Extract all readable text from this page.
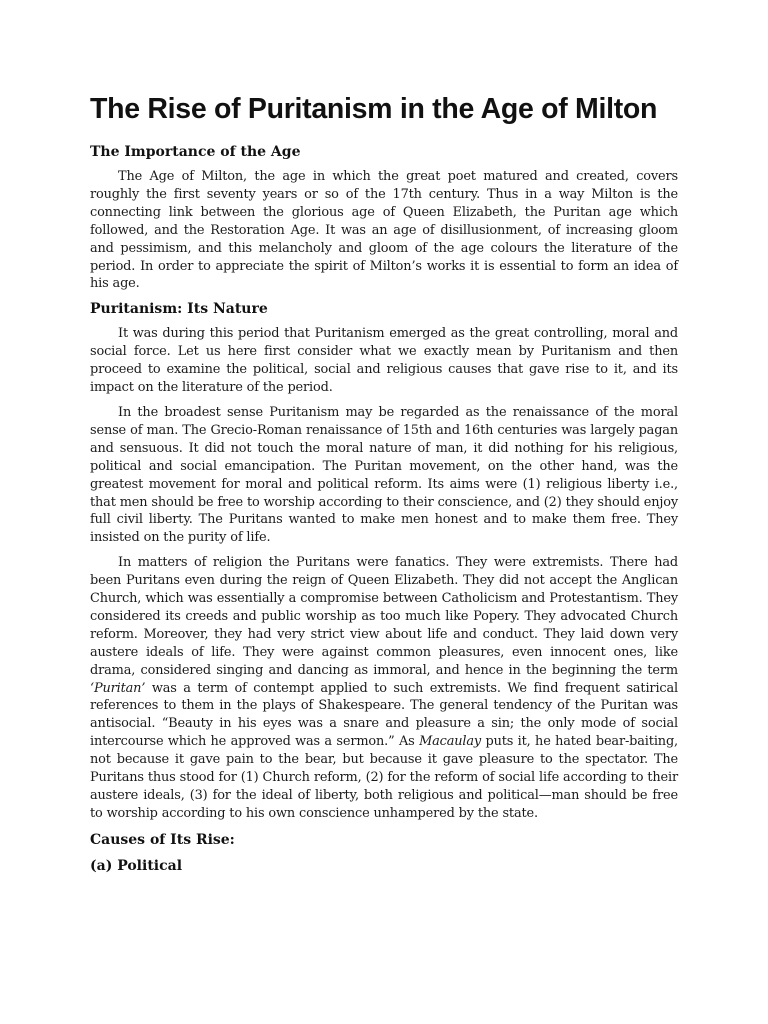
The Rise of Puritanism in the Age of Milton
The Importance of the Age

The Age of Milton, the age in which the great poet matured and created, covers roughly the first seventy years or so of the 17th century. Thus in a way Milton is the connecting link between the glorious age of Queen Elizabeth, the Puritan age which followed, and the Restoration Age. It was an age of disillusionment, of increasing gloom and pessimism, and this melancholy and gloom of the age colours the literature of the period. In order to appreciate the spirit of Milton’s works it is essential to form an idea of his age.

Puritanism: Its Nature

It was during this period that Puritanism emerged as the great controlling, moral and social force. Let us here first consider what we exactly mean by Puritanism and then proceed to examine the political, social and religious causes that gave rise to it, and its impact on the literature of the period.

In the broadest sense Puritanism may be regarded as the renaissance of the moral sense of man. The Grecio-Roman renaissance of 15th and 16th centuries was largely pagan and sensuous. It did not touch the moral nature of man, it did nothing for his religious, political and social emancipation. The Puritan movement, on the other hand, was the greatest movement for moral and political reform. Its aims were (1) religious liberty i.e., that men should be free to worship according to their conscience, and (2) they should enjoy full civil liberty. The Puritans wanted to make men honest and to make them free. They insisted on the purity of life.

In matters of religion the Puritans were fanatics. They were extremists. There had been Puritans even during the reign of Queen Elizabeth. They did not accept the Anglican Church, which was essentially a compromise between Catholicism and Protestantism. They considered its creeds and public worship as too much like Popery. They advocated Church reform. Moreover, they had very strict view about life and conduct. They laid down very austere ideals of life. They were against common pleasures, even innocent ones, like drama, considered singing and dancing as immoral, and hence in the beginning the term ‘Puritan’ was a term of contempt applied to such extremists. We find frequent satirical references to them in the plays of Shakespeare. The general tendency of the Puritan was antisocial. “Beauty in his eyes was a snare and pleasure a sin; the only mode of social intercourse which he approved was a sermon.” As Macaulay puts it, he hated bear-baiting, not because it gave pain to the bear, but because it gave pleasure to the spectator. The Puritans thus stood for (1) Church reform, (2) for the reform of social life according to their austere ideals, (3) for the ideal of liberty, both religious and political—man should be free to worship according to his own conscience unhampered by the state.

Causes of Its Rise:
(a) Political
